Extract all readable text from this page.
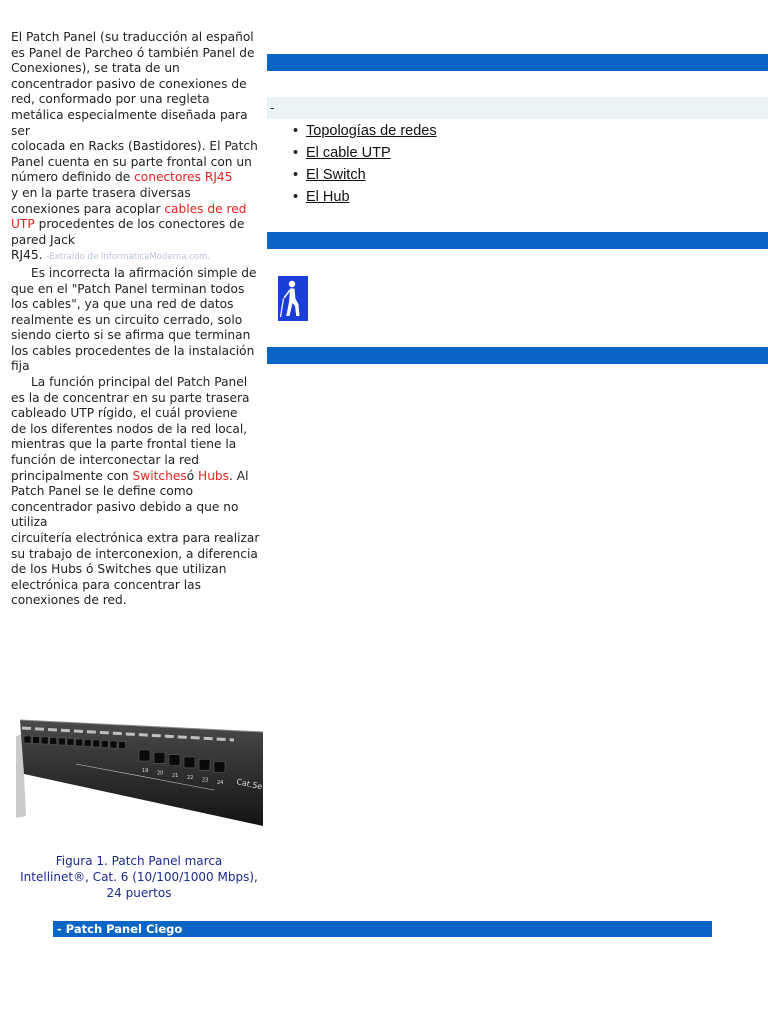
El Patch Panel (su traducción al español es Panel de Parcheo ó también Panel de Conexiones), se trata de un concentrador pasivo de conexiones de red, conformado por una regleta metálica especialmente diseñada para ser
colocada en Racks (Bastidores). El Patch Panel cuenta en su parte frontal con un número definido de conectores RJ45
y en la parte trasera diversas conexiones para acoplar cables de red UTP procedentes de los conectores de pared Jack
RJ45. -Extraído de InformaticaModerna.com.

Es incorrecta la afirmación simple de que en el "Patch Panel terminan todos los cables", ya que una red de datos
realmente es un circuito cerrado, solo siendo cierto si se afirma que terminan los cables procedentes de la instalación fija

La función principal del Patch Panel es la de concentrar en su parte trasera cableado UTP rígido, el cuál proviene
de los diferentes nodos de la red local, mientras que la parte frontal tiene la función de interconectar la red principalmente con Switchesó Hubs. Al Patch Panel se le define como concentrador pasivo debido a que no utiliza
circuitería electrónica extra para realizar su trabajo de interconexion, a diferencia de los Hubs ó Switches que utilizan
electrónica para concentrar las conexiones de red.

-
• Topologías de redes
• El cable UTP
• El Switch
• El Hub
Cat.5e
19 20 21 22 23 24
Figura 1. Patch Panel marca Intellinet®, Cat. 6 (10/100/1000 Mbps), 24 puertos
- Patch Panel Ciego
